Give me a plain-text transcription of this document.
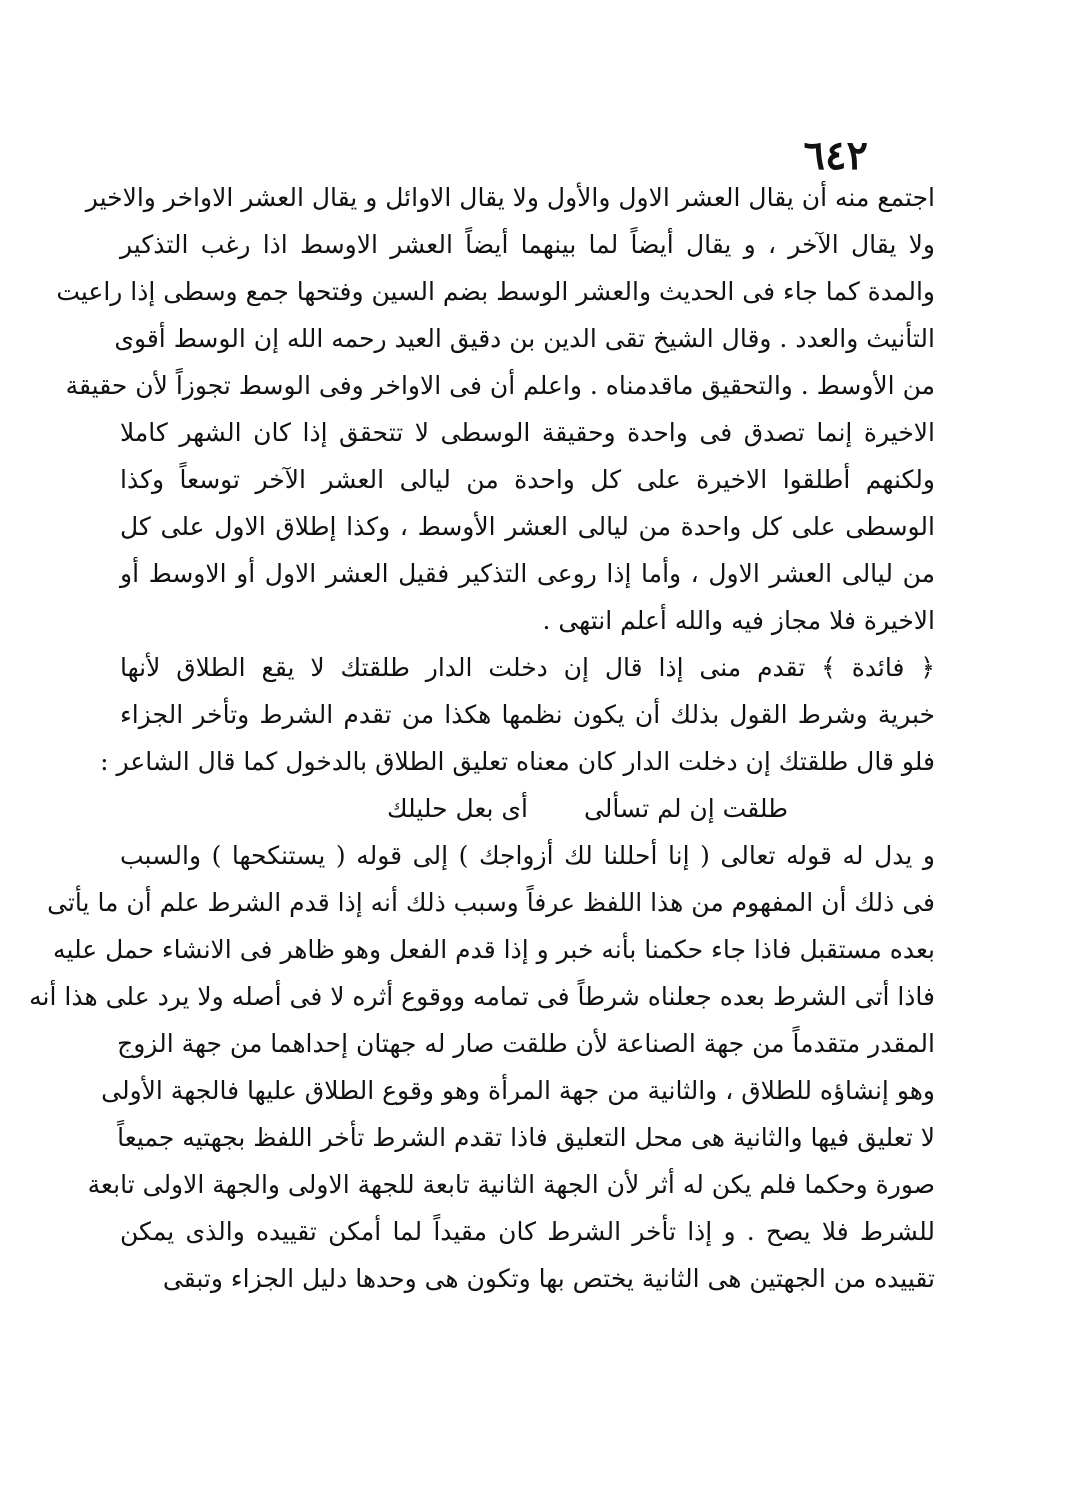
٦٤٢
اجتمع منه أن يقال العشر الاول والأول ولا يقال الاوائل و يقال العشر الاواخر والاخير
ولا يقال الآخر ، و يقال أيضاً لما بينهما أيضاً العشر الاوسط اذا رغب التذكير
والمدة كما جاء فى الحديث والعشر الوسط بضم السين وفتحها جمع وسطى إذا راعيت
التأنيث والعدد . وقال الشيخ تقى الدين بن دقيق العيد رحمه الله إن الوسط أقوى
من الأوسط . والتحقيق ماقدمناه . واعلم أن فى الاواخر وفى الوسط تجوزاً لأن حقيقة
الاخيرة إنما تصدق فى واحدة وحقيقة الوسطى لا تتحقق إذا كان الشهر كاملا
ولكنهم أطلقوا الاخيرة على كل واحدة من ليالى العشر الآخر توسعاً وكذا
الوسطى على كل واحدة من ليالى العشر الأوسط ، وكذا إطلاق الاول على كل
من ليالى العشر الاول ، وأما إذا روعى التذكير فقيل العشر الاول أو الاوسط أو
الاخيرة فلا مجاز فيه والله أعلم انتهى .
﴿ فائدة ﴾ تقدم منى إذا قال إن دخلت الدار طلقتك لا يقع الطلاق لأنها
خبرية وشرط القول بذلك أن يكون نظمها هكذا من تقدم الشرط وتأخر الجزاء
فلو قال طلقتك إن دخلت الدار كان معناه تعليق الطلاق بالدخول كما قال الشاعر :
طلقت إن لم تسألى
أى بعل حليلك
و يدل له قوله تعالى ( إنا أحللنا لك أزواجك ) إلى قوله ( يستنكحها ) والسبب
فى ذلك أن المفهوم من هذا اللفظ عرفاً وسبب ذلك أنه إذا قدم الشرط علم أن ما يأتى
بعده مستقبل فاذا جاء حكمنا بأنه خبر و إذا قدم الفعل وهو ظاهر فى الانشاء حمل عليه
فاذا أتى الشرط بعده جعلناه شرطاً فى تمامه ووقوع أثره لا فى أصله ولا يرد على هذا أنه
المقدر متقدماً من جهة الصناعة لأن طلقت صار له جهتان إحداهما من جهة الزوج
وهو إنشاؤه للطلاق ، والثانية من جهة المرأة وهو وقوع الطلاق عليها فالجهة الأولى
لا تعليق فيها والثانية هى محل التعليق فاذا تقدم الشرط تأخر اللفظ بجهتيه جميعاً
صورة وحكما فلم يكن له أثر لأن الجهة الثانية تابعة للجهة الاولى والجهة الاولى تابعة
للشرط فلا يصح . و إذا تأخر الشرط كان مقيداً لما أمكن تقييده والذى يمكن
تقييده من الجهتين هى الثانية يختص بها وتكون هى وحدها دليل الجزاء وتبقى
